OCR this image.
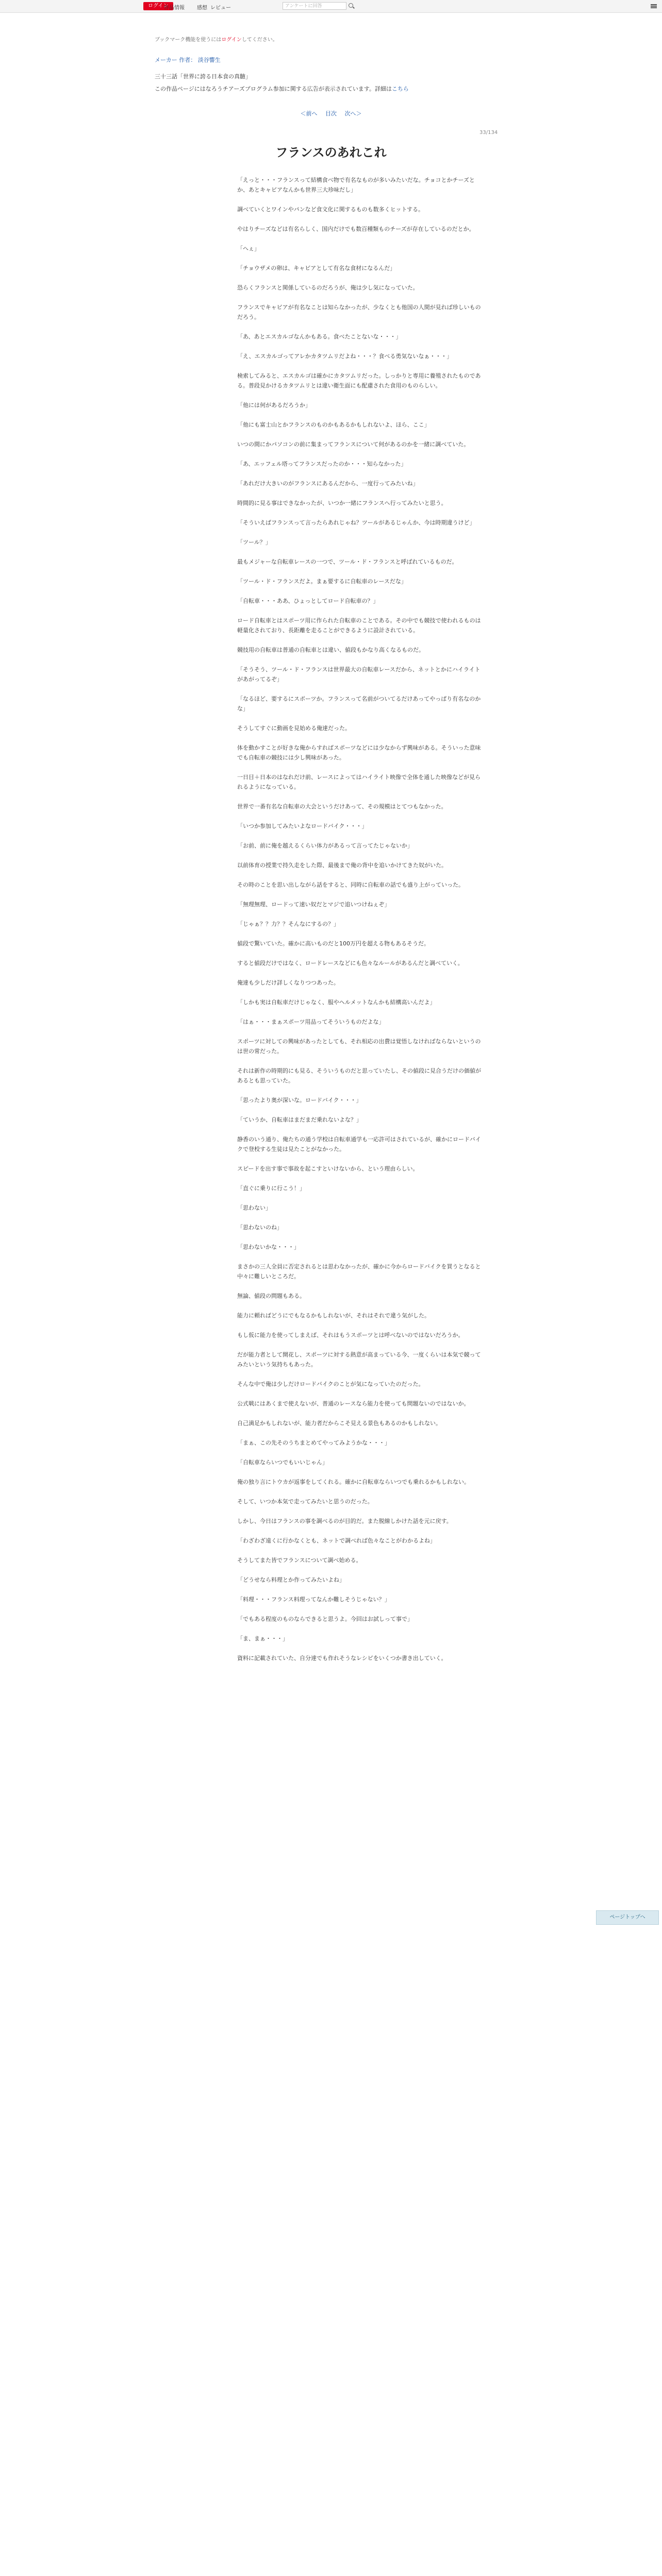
ログイン
作品情報 感想 レビュー	アンケートに回答
ブックマーク機能を使うにはログインしてください。
メーカー 作者： 淡谷響生
三十三話「世界に誇る日本食の真髄」
この作品ページにはなろうチアーズプログラム参加に関する広告が表示されています。詳細はこちら
＜前へ 目次 次へ＞
33/134
フランスのあれこれ

「えっと・・・フランスって結構食べ物で有名なものが多いみたいだな。チョコとかチーズとか、あとキャビアなんかも世界三大珍味だし」

調べていくとワインやパンなど食文化に関するものも数多くヒットする。

やはりチーズなどは有名らしく、国内だけでも数百種類ものチーズが存在しているのだとか。

「へぇ」

「チョウザメの卵は、キャビアとして有名な食材になるんだ」

恐らくフランスと関係しているのだろうが、俺は少し気になっていた。

フランスでキャビアが有名なことは知らなかったが、少なくとも他国の人間が見れば珍しいものだろう。

「あ、あとエスカルゴなんかもある。食べたことないな・・・」

「え、エスカルゴってアレかカタツムリだよね・・・？食べる勇気ないなぁ・・・」

検索してみると、エスカルゴは確かにカタツムリだった。しっかりと専用に養殖されたものである。普段見かけるカタツムリとは違い衛生面にも配慮された食用のものらしい。

「他には何があるだろうか」

「他にも富士山とかフランスのものかもあるかもしれないよ、ほら、ここ」

いつの間にかパソコンの前に集まってフランスについて何があるのかを一緒に調べていた。

「あ、エッフェル塔ってフランスだったのか・・・知らなかった」

「あれだけ大きいのがフランスにあるんだから、一度行ってみたいね」

時間的に見る事はできなかったが、いつか一緒にフランスへ行ってみたいと思う。

「そういえばフランスって言ったらあれじゃね？ツールがあるじゃんか、今は時期違うけど」

「ツール？」

最もメジャーな自転車レースの一つで、ツール・ド・フランスと呼ばれているものだ。

「ツール・ド・フランスだよ。まぁ要するに自転車のレースだな」

「自転車・・・ああ、ひょっとしてロード自転車の？」

ロード自転車とはスポーツ用に作られた自転車のことである。その中でも競技で使われるものは軽量化されており、長距離を走ることができるように設計されている。

競技用の自転車は普通の自転車とは違い、値段もかなり高くなるものだ。

「そうそう、ツール・ド・フランスは世界最大の自転車レースだから、ネットとかにハイライトがあがってるぞ」

「なるほど、要するにスポーツか。フランスって名前がついてるだけあってやっぱり有名なのかな」

そうしてすぐに動画を見始める俺達だった。

体を動かすことが好きな俺からすればスポーツなどには少なからず興味がある。そういった意味でも自転車の競技には少し興味があった。

一日目＋日本のはなれだけ前、レースによってはハイライト映像で全体を通した映像などが見られるようになっている。

世界で一番有名な自転車の大会というだけあって、その規模はとてつもなかった。

「いつか参加してみたいよなロードバイク・・・」

「お前、前に俺を越えるくらい体力があるって言ってたじゃないか」

以前体育の授業で持久走をした際、最後まで俺の背中を追いかけてきた奴がいた。

その時のことを思い出しながら話をすると、同時に自転車の話でも盛り上がっていった。

「無理無理、ロードって速い奴だとマジで追いつけねぇぞ」

「じゃぁ？？力？？そんなにするの？」

値段で驚いていた。確かに高いものだと100万円を超える物もあるそうだ。

すると値段だけではなく、ロードレースなどにも色々なルールがあるんだと調べていく。

俺達も少しだけ詳しくなりつつあった。

「しかも実は自転車だけじゃなく、服やヘルメットなんかも結構高いんだよ」

「はぁ・・・まぁスポーツ用品ってそういうものだよな」

スポーツに対しての興味があったとしても、それ相応の出費は覚悟しなければならないというのは世の常だった。

それは新作の時期的にも見る、そういうものだと思っていたし、その値段に見合うだけの価値があるとも思っていた。

「思ったより奥が深いな。ロードバイク・・・」

「ていうか、自転車はまだまだ乗れないよな？」

静香のいう通り、俺たちの通う学校は自転車通学も一応許可はされているが、確かにロードバイクで登校する生徒は見たことがなかった。

スピードを出す事で事故を起こすといけないから、という理由らしい。

「直ぐに乗りに行こう！」

「思わない」

「思わないのね」

「思わないかな・・・」

まさかの三人全員に否定されるとは思わなかったが、確かに今からロードバイクを買うとなると中々に難しいところだ。

無論、値段の問題もある。

能力に頼ればどうにでもなるかもしれないが、それはそれで違う気がした。

もし仮に能力を使ってしまえば、それはもうスポーツとは呼べないのではないだろうか。

だが能力者として開花し、スポーツに対する熱意が高まっている今、一度くらいは本気で競ってみたいという気持ちもあった。

そんな中で俺は少しだけロードバイクのことが気になっていたのだった。

公式戦にはあくまで使えないが、普通のレースなら能力を使っても問題ないのではないか。

自己満足かもしれないが、能力者だからこそ見える景色もあるのかもしれない。

「まぁ、この先そのうちまとめてやってみようかな・・・」

「自転車ならいつでもいいじゃん」

俺の独り言にトウカが返事をしてくれる。確かに自転車ならいつでも乗れるかもしれない。

そして、いつか本気で走ってみたいと思うのだった。

しかし、今日はフランスの事を調べるのが目的だ。また脱線しかけた話を元に戻す。

「わざわざ遠くに行かなくとも、ネットで調べれば色々なことがわかるよね」

そうしてまた皆でフランスについて調べ始める。

「どうせなら料理とか作ってみたいよね」

「料理・・・フランス料理ってなんか難しそうじゃない？」

「でもある程度のものならできると思うよ。今回はお試しって事で」

「ま、まぁ・・・」

資料に記載されていた、自分達でも作れそうなレシピをいくつか書き出していく。

ページトップへ
